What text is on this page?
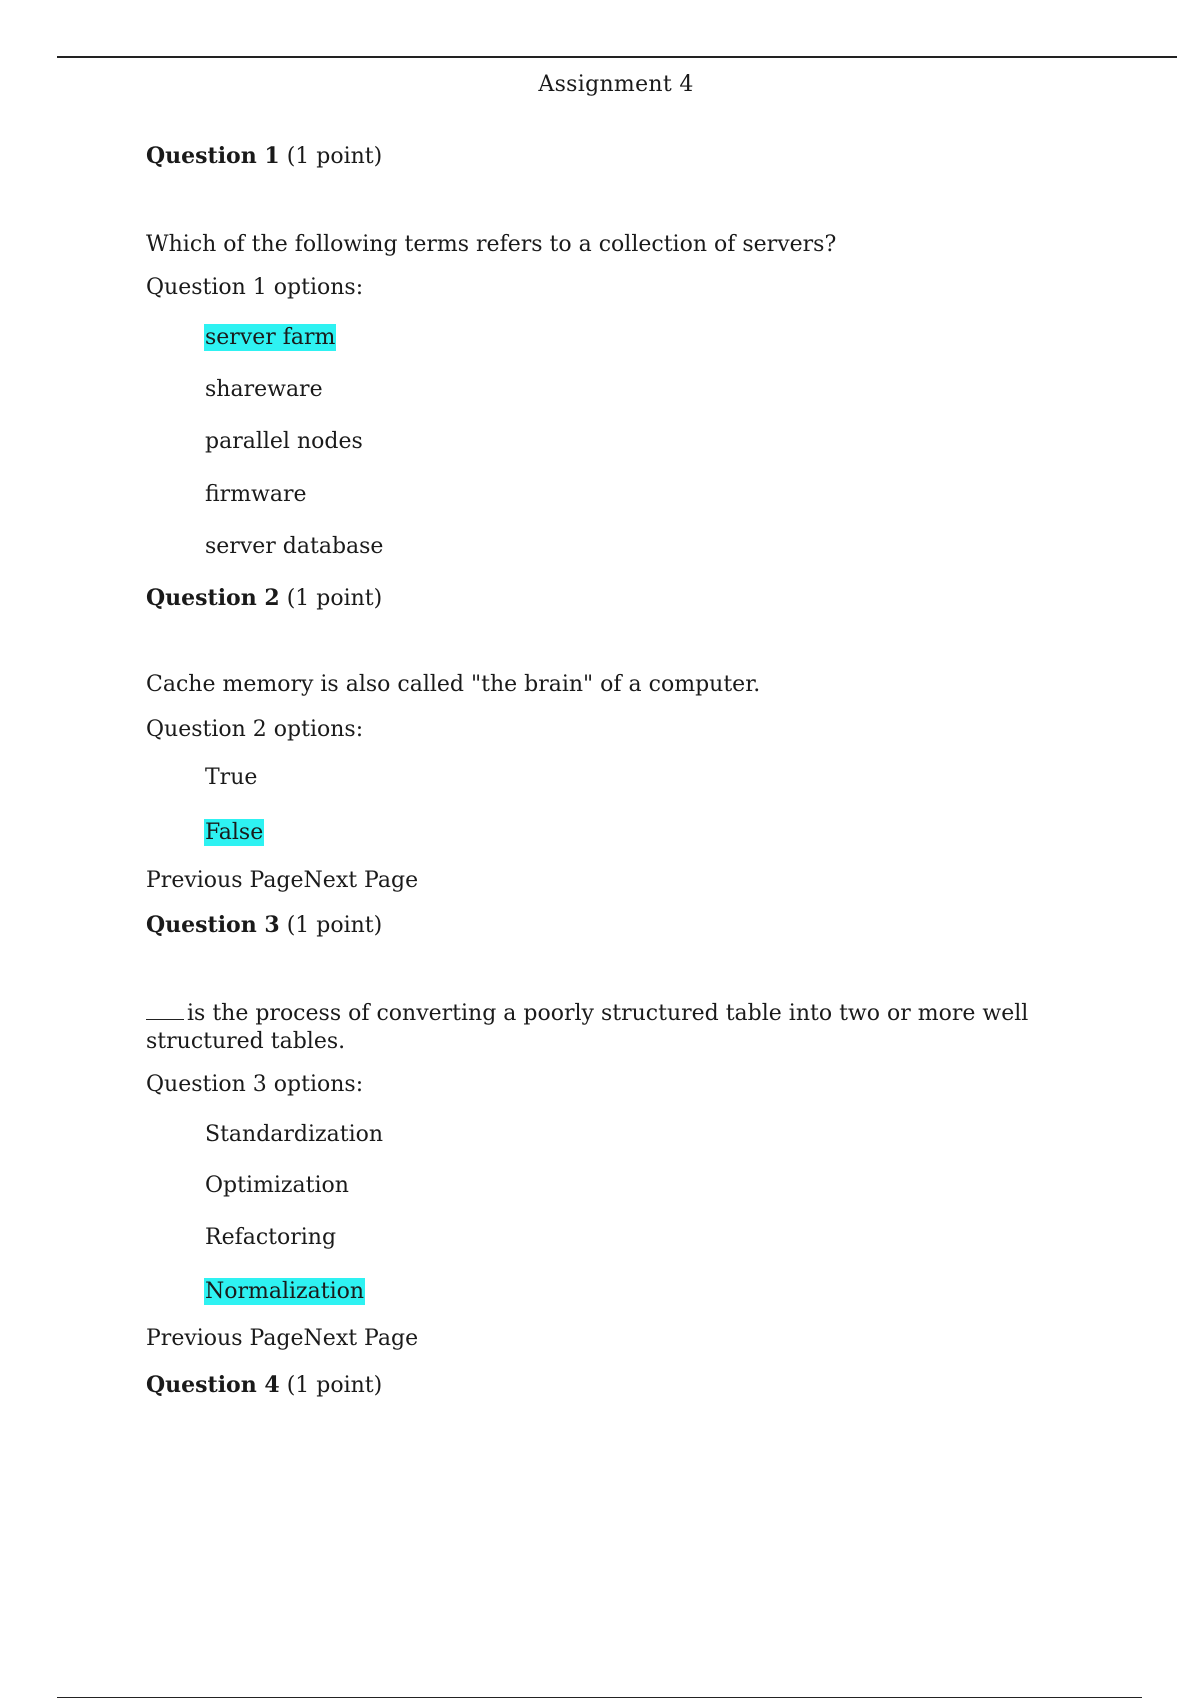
Assignment 4
Question 1 (1 point)
Which of the following terms refers to a collection of servers?
Question 1 options:
server farm
shareware
parallel nodes
firmware
server database
Question 2 (1 point)
Cache memory is also called "the brain" of a computer.
Question 2 options:
True
False
Previous PageNext Page
Question 3 (1 point)
is the process of converting a poorly structured table into two or more well structured tables.
Question 3 options:
Standardization
Optimization
Refactoring
Normalization
Previous PageNext Page
Question 4 (1 point)
